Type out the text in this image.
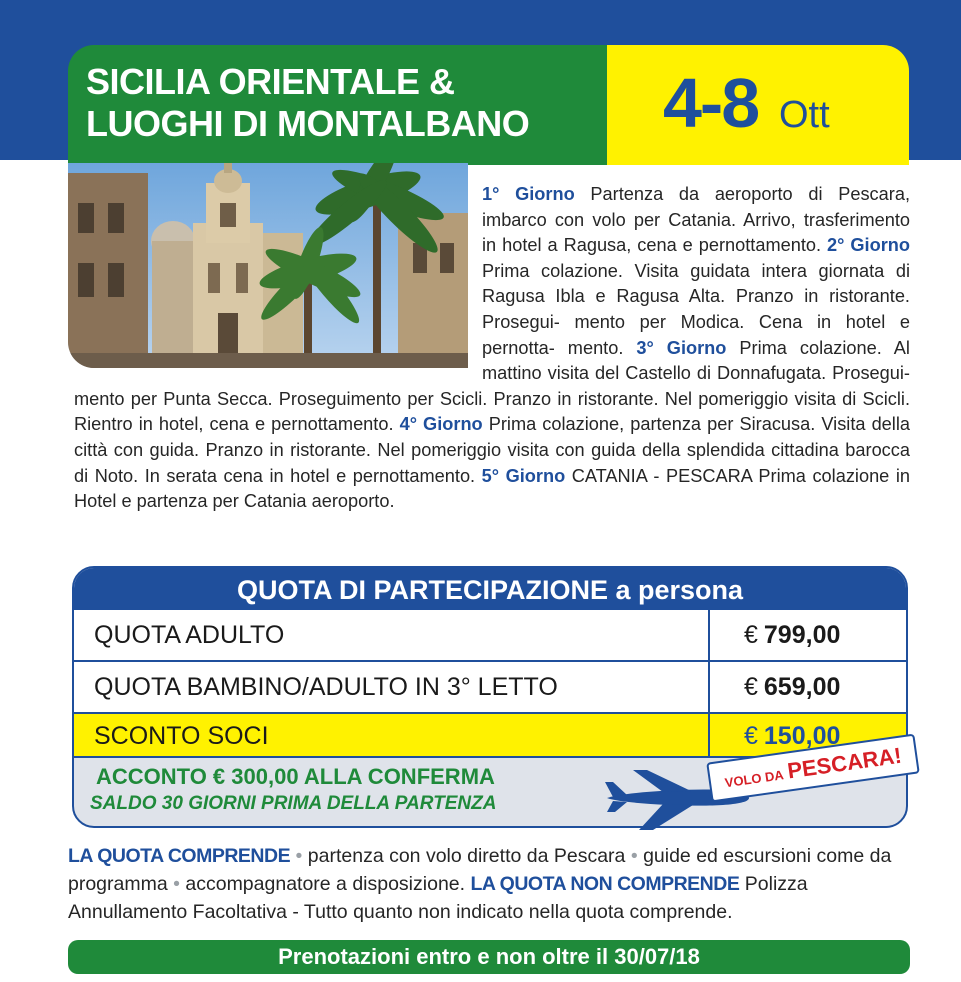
SICILIA ORIENTALE &
LUOGHI DI MONTALBANO	4-8 Ott
1° Giorno Partenza da aeroporto di Pescara, imbarco con volo per Catania. Arrivo, trasferimento in hotel a Ragusa, cena e pernottamento. 2° Giorno Prima colazione. Visita guidata intera giornata di Ragusa Ibla e Ragusa Alta. Pranzo in ristorante. Prosegui- mento per Modica. Cena in hotel e pernotta- mento. 3° Giorno Prima colazione. Al mattino visita del Castello di Donnafugata. Prosegui- mento per Punta Secca. Proseguimento per Scicli. Pranzo in ristorante. Nel pomeriggio visita di Scicli. Rientro in hotel, cena e pernottamento. 4° Giorno Prima colazione, partenza per Siracusa. Visita della città con guida. Pranzo in ristorante. Nel pomeriggio visita con guida della splendida cittadina barocca di Noto. In serata cena in hotel e pernottamento. 5° Giorno CATANIA - PESCARA Prima colazione in Hotel e partenza per Catania aeroporto.
QUOTA DI PARTECIPAZIONE a persona
QUOTA ADULTO	€ 799,00
QUOTA BAMBINO/ADULTO IN 3° LETTO	€ 659,00
SCONTO SOCI	€ 150,00
ACCONTO € 300,00 ALLA CONFERMA
SALDO 30 GIORNI PRIMA DELLA PARTENZA
VOLO DA PESCARA!
LA QUOTA COMPRENDE • partenza con volo diretto da Pescara • guide ed escursioni come da programma • accompagnatore a disposizione. LA QUOTA NON COMPRENDE Polizza Annullamento Facoltativa - Tutto quanto non indicato nella quota comprende.
Prenotazioni entro e non oltre il 30/07/18
